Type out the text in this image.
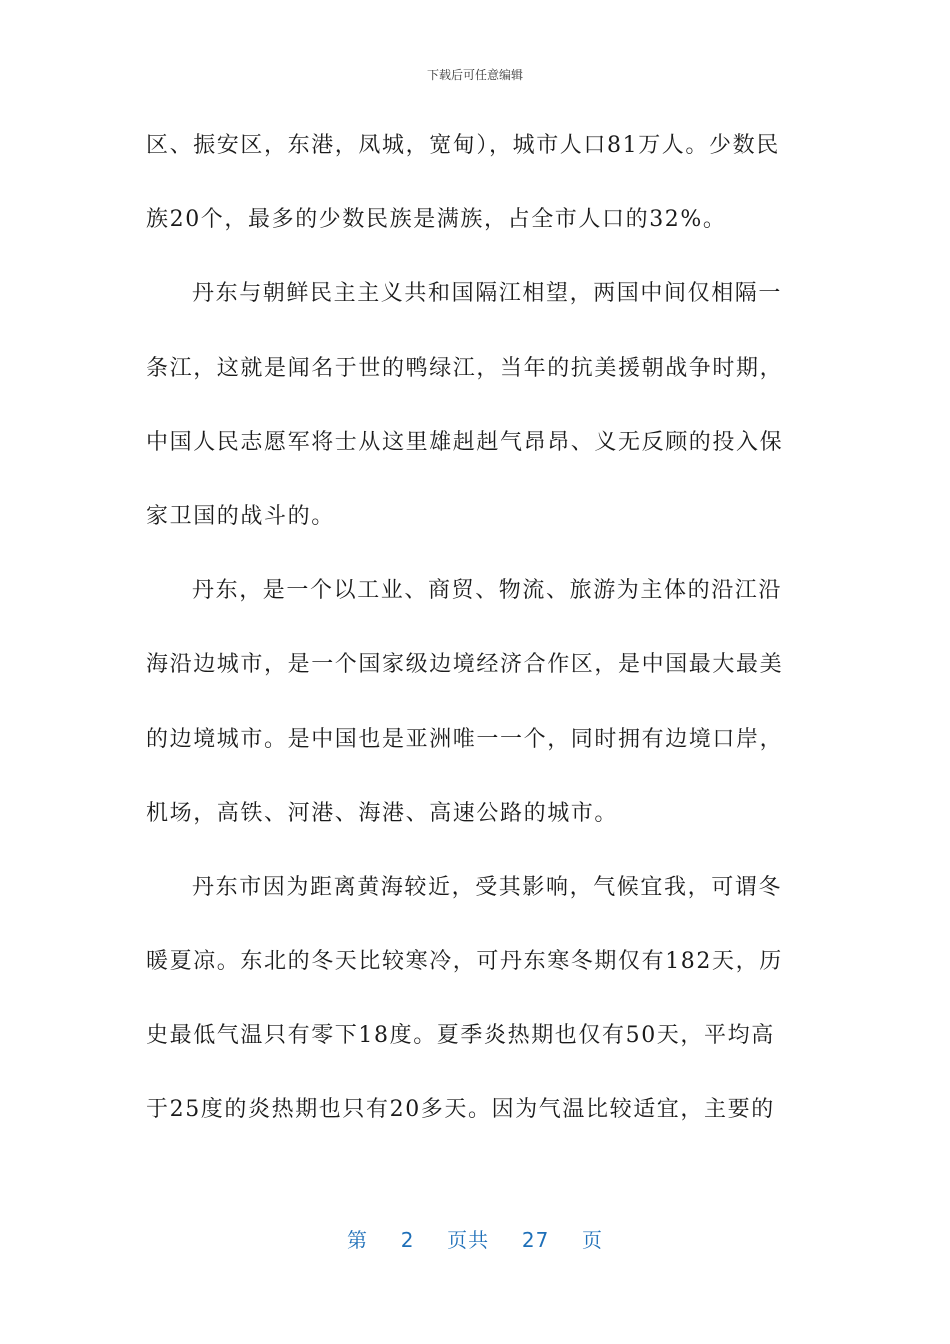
下载后可任意编辑
区、振安区，东港，凤城，宽甸），城市人口81万人。少数民
族20个，最多的少数民族是满族，占全市人口的32%。
丹东与朝鲜民主主义共和国隔江相望，两国中间仅相隔一
条江，这就是闻名于世的鸭绿江，当年的抗美援朝战争时期，
中国人民志愿军将士从这里雄赳赳气昂昂、义无反顾的投入保
家卫国的战斗的。
丹东，是一个以工业、商贸、物流、旅游为主体的沿江沿
海沿边城市，是一个国家级边境经济合作区，是中国最大最美
的边境城市。是中国也是亚洲唯一一个，同时拥有边境口岸，
机场，高铁、河港、海港、高速公路的城市。
丹东市因为距离黄海较近，受其影响，气候宜我，可谓冬
暖夏凉。东北的冬天比较寒冷，可丹东寒冬期仅有182天，历
史最低气温只有零下18度。夏季炎热期也仅有50天，平均高
于25度的炎热期也只有20多天。因为气温比较适宜，主要的
第 2 页共 27 页
